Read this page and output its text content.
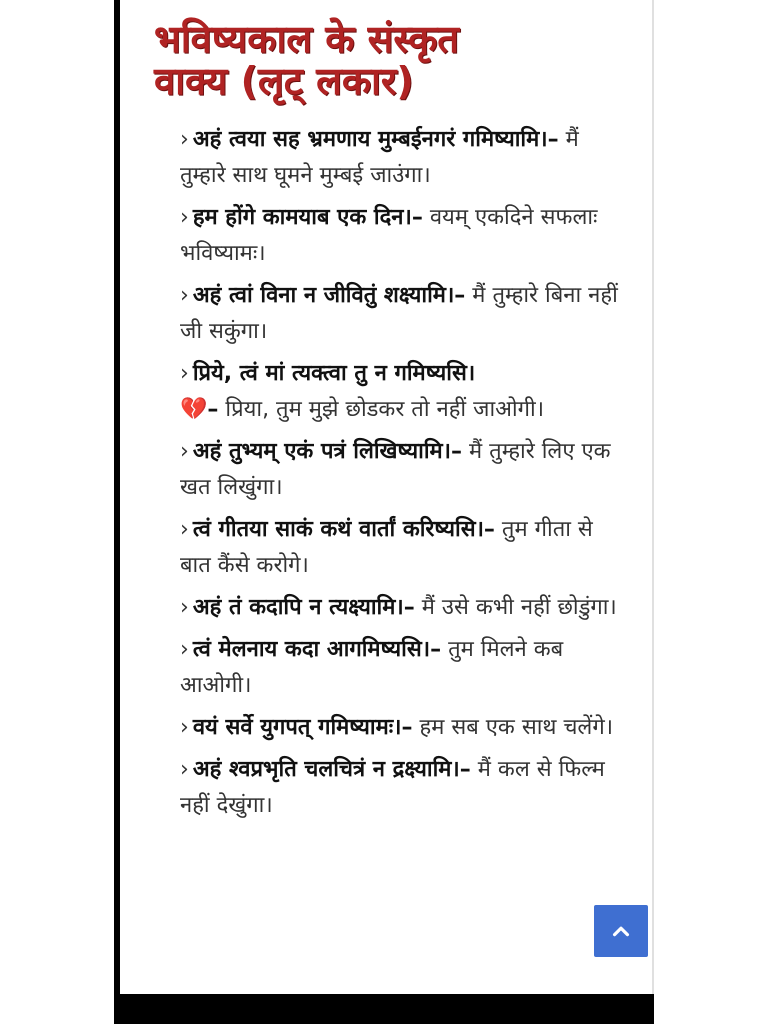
भविष्यकाल के संस्कृत
वाक्य (लृट् लकार)
› अहं त्वया सह भ्रमणाय मुम्बईनगरं गमिष्यामि।– मैं तुम्हारे साथ घूमने मुम्बई जाउंगा।
› हम होंगे कामयाब एक दिन।– वयम् एकदिने सफलाः भविष्यामः।
› अहं त्वां विना न जीवितुं शक्ष्यामि।– मैं तुम्हारे बिना नहीं जी सकुंगा।
› प्रिये, त्वं मां त्यक्त्वा तु न गमिष्यसि।
💔– प्रिया, तुम मुझे छोडकर तो नहीं जाओगी।
› अहं तुभ्यम् एकं पत्रं लिखिष्यामि।– मैं तुम्हारे लिए एक खत लिखुंगा।
› त्वं गीतया साकं कथं वार्तां करिष्यसि।– तुम गीता से बात कैंसे करोगे।
› अहं तं कदापि न त्यक्ष्यामि।– मैं उसे कभी नहीं छोडुंगा।
› त्वं मेलनाय कदा आगमिष्यसि।– तुम मिलने कब आओगी।
› वयं सर्वे युगपत् गमिष्यामः।– हम सब एक साथ चलेंगे।
› अहं श्वप्रभृति चलचित्रं न द्रक्ष्यामि।– मैं कल से फिल्म नहीं देखुंगा।
